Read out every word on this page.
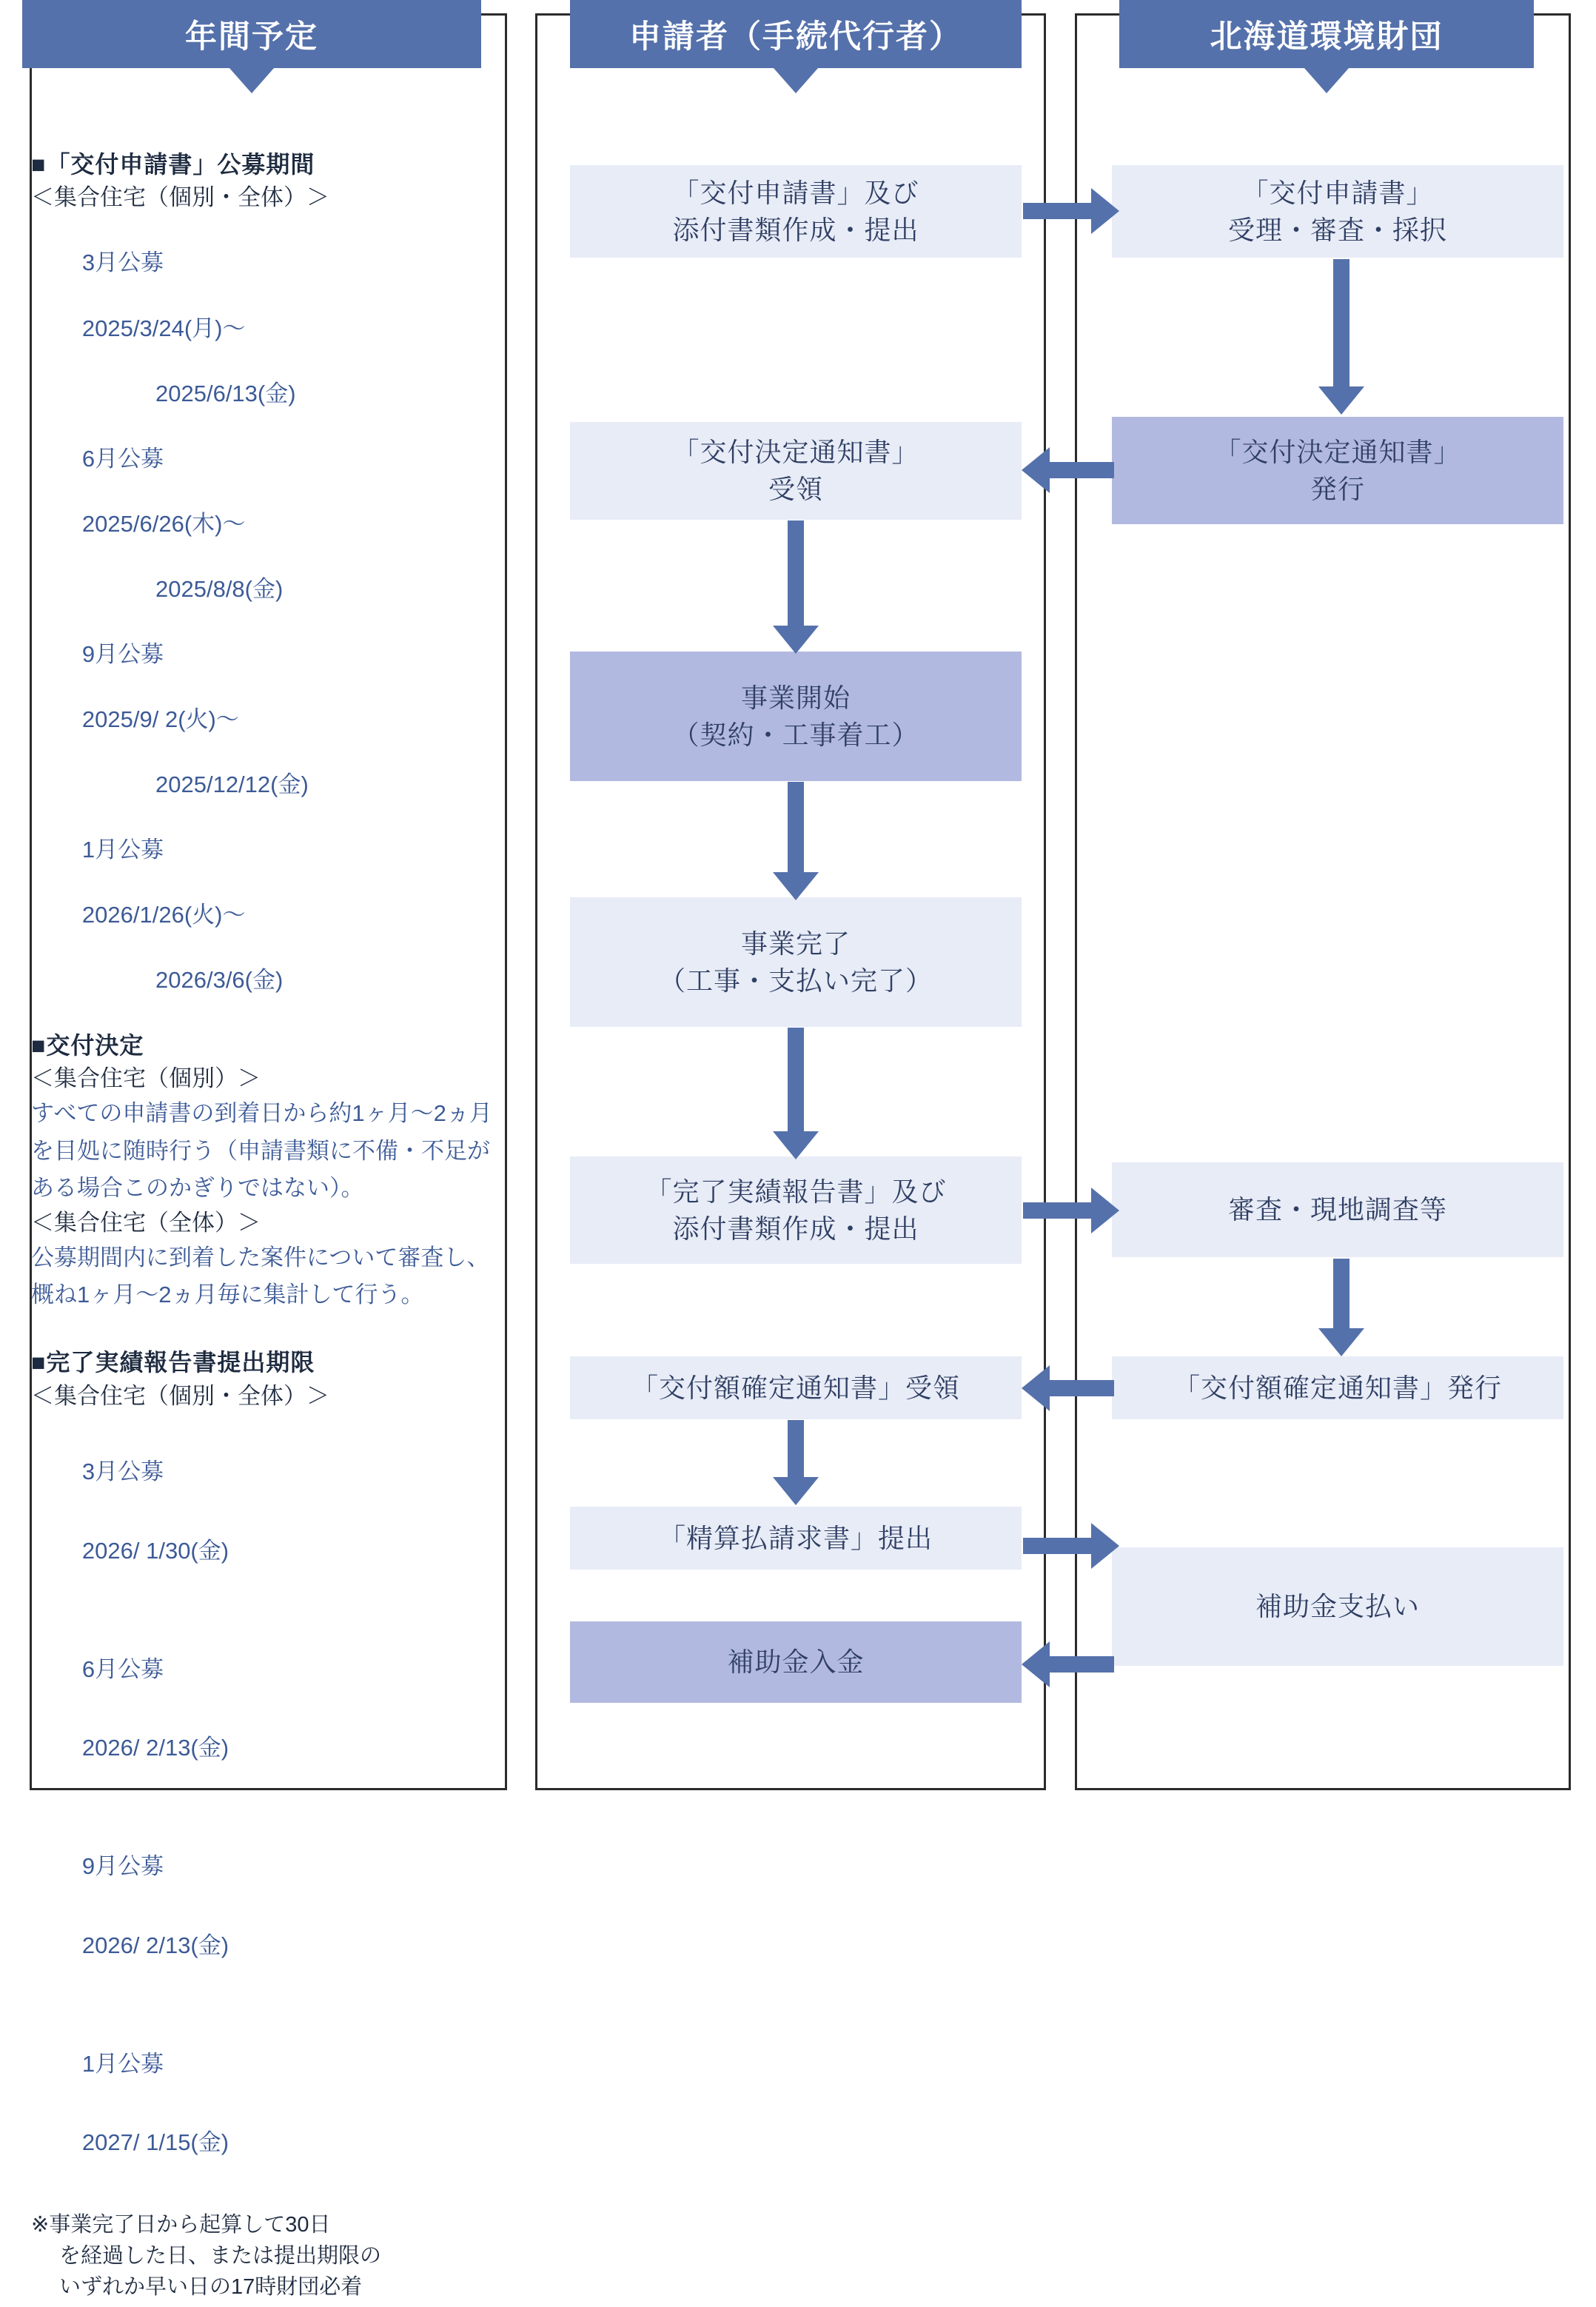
年間予定	申請者（手続代行者）	北海道環境財団
■「交付申請書」公募期間
＜集合住宅（個別・全体）＞

3月公募

2025/3/24(月)〜

2025/6/13(金)

6月公募

2025/6/26(木)〜

2025/8/8(金)

9月公募

2025/9/ 2(火)〜

2025/12/12(金)

1月公募

2026/1/26(火)〜

2026/3/6(金)
■交付決定
＜集合住宅（個別）＞
すべての申請書の到着日から約1ヶ月〜2ヵ月を目処に随時行う（申請書類に不備・不足がある場合このかぎりではない）。
＜集合住宅（全体）＞
公募期間内に到着した案件について審査し、概ね1ヶ月〜2ヵ月毎に集計して行う。
■完了実績報告書提出期限
＜集合住宅（個別・全体）＞

3月公募

2026/ 1/30(金)

6月公募

2026/ 2/13(金)

9月公募

2026/ 2/13(金)

1月公募

2027/ 1/15(金)

※事業完了日から起算して30日
を経過した日、または提出期限の
いずれか早い日の17時財団必着
「交付申請書」及び
添付書類作成・提出
「交付決定通知書」
受領
事業開始
（契約・工事着工）
事業完了
（工事・支払い完了）
「完了実績報告書」及び
添付書類作成・提出
「交付額確定通知書」受領
「精算払請求書」提出
補助金入金
「交付申請書」
受理・審査・採択
「交付決定通知書」
発行
審査・現地調査等
「交付額確定通知書」発行
補助金支払い
